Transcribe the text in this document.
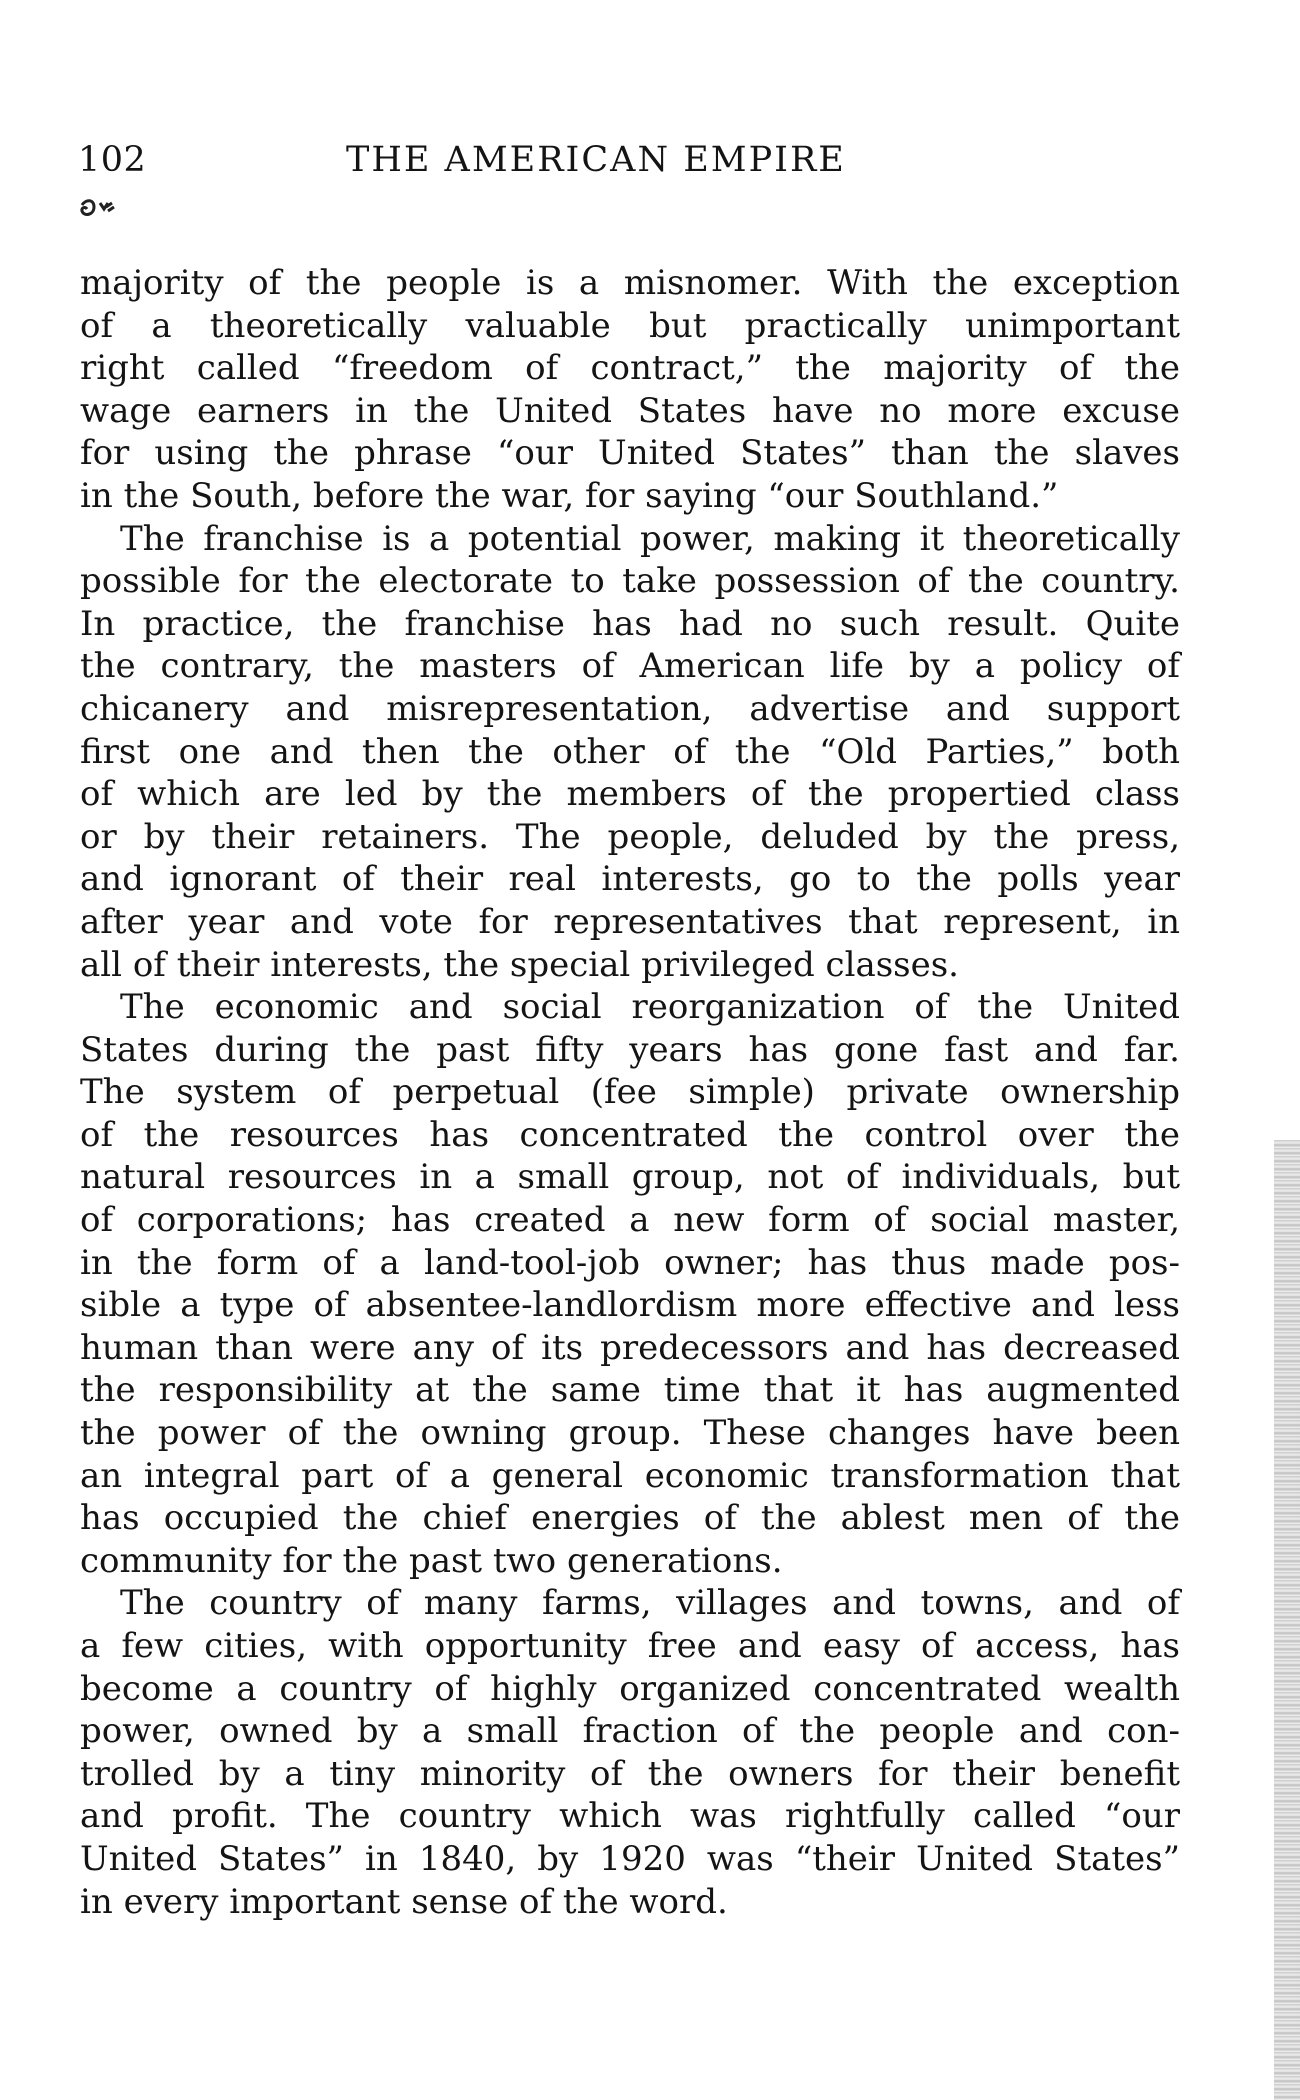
102	THE AMERICAN EMPIRE
majority of the people is a misnomer. With the exception
of a theoretically valuable but practically unimportant
right called “freedom of contract,” the majority of the
wage earners in the United States have no more excuse
for using the phrase “our United States” than the slaves
in the South, before the war, for saying “our Southland.”
The franchise is a potential power, making it theoretically
possible for the electorate to take possession of the country.
In practice, the franchise has had no such result. Quite
the contrary, the masters of American life by a policy of
chicanery and misrepresentation, advertise and support
first one and then the other of the “Old Parties,” both
of which are led by the members of the propertied class
or by their retainers. The people, deluded by the press,
and ignorant of their real interests, go to the polls year
after year and vote for representatives that represent, in
all of their interests, the special privileged classes.
The economic and social reorganization of the United
States during the past fifty years has gone fast and far.
The system of perpetual (fee simple) private ownership
of the resources has concentrated the control over the
natural resources in a small group, not of individuals, but
of corporations; has created a new form of social master,
in the form of a land-tool-job owner; has thus made pos-
sible a type of absentee-landlordism more effective and less
human than were any of its predecessors and has decreased
the responsibility at the same time that it has augmented
the power of the owning group. These changes have been
an integral part of a general economic transformation that
has occupied the chief energies of the ablest men of the
community for the past two generations.
The country of many farms, villages and towns, and of
a few cities, with opportunity free and easy of access, has
become a country of highly organized concentrated wealth
power, owned by a small fraction of the people and con-
trolled by a tiny minority of the owners for their benefit
and profit. The country which was rightfully called “our
United States” in 1840, by 1920 was “their United States”
in every important sense of the word.
